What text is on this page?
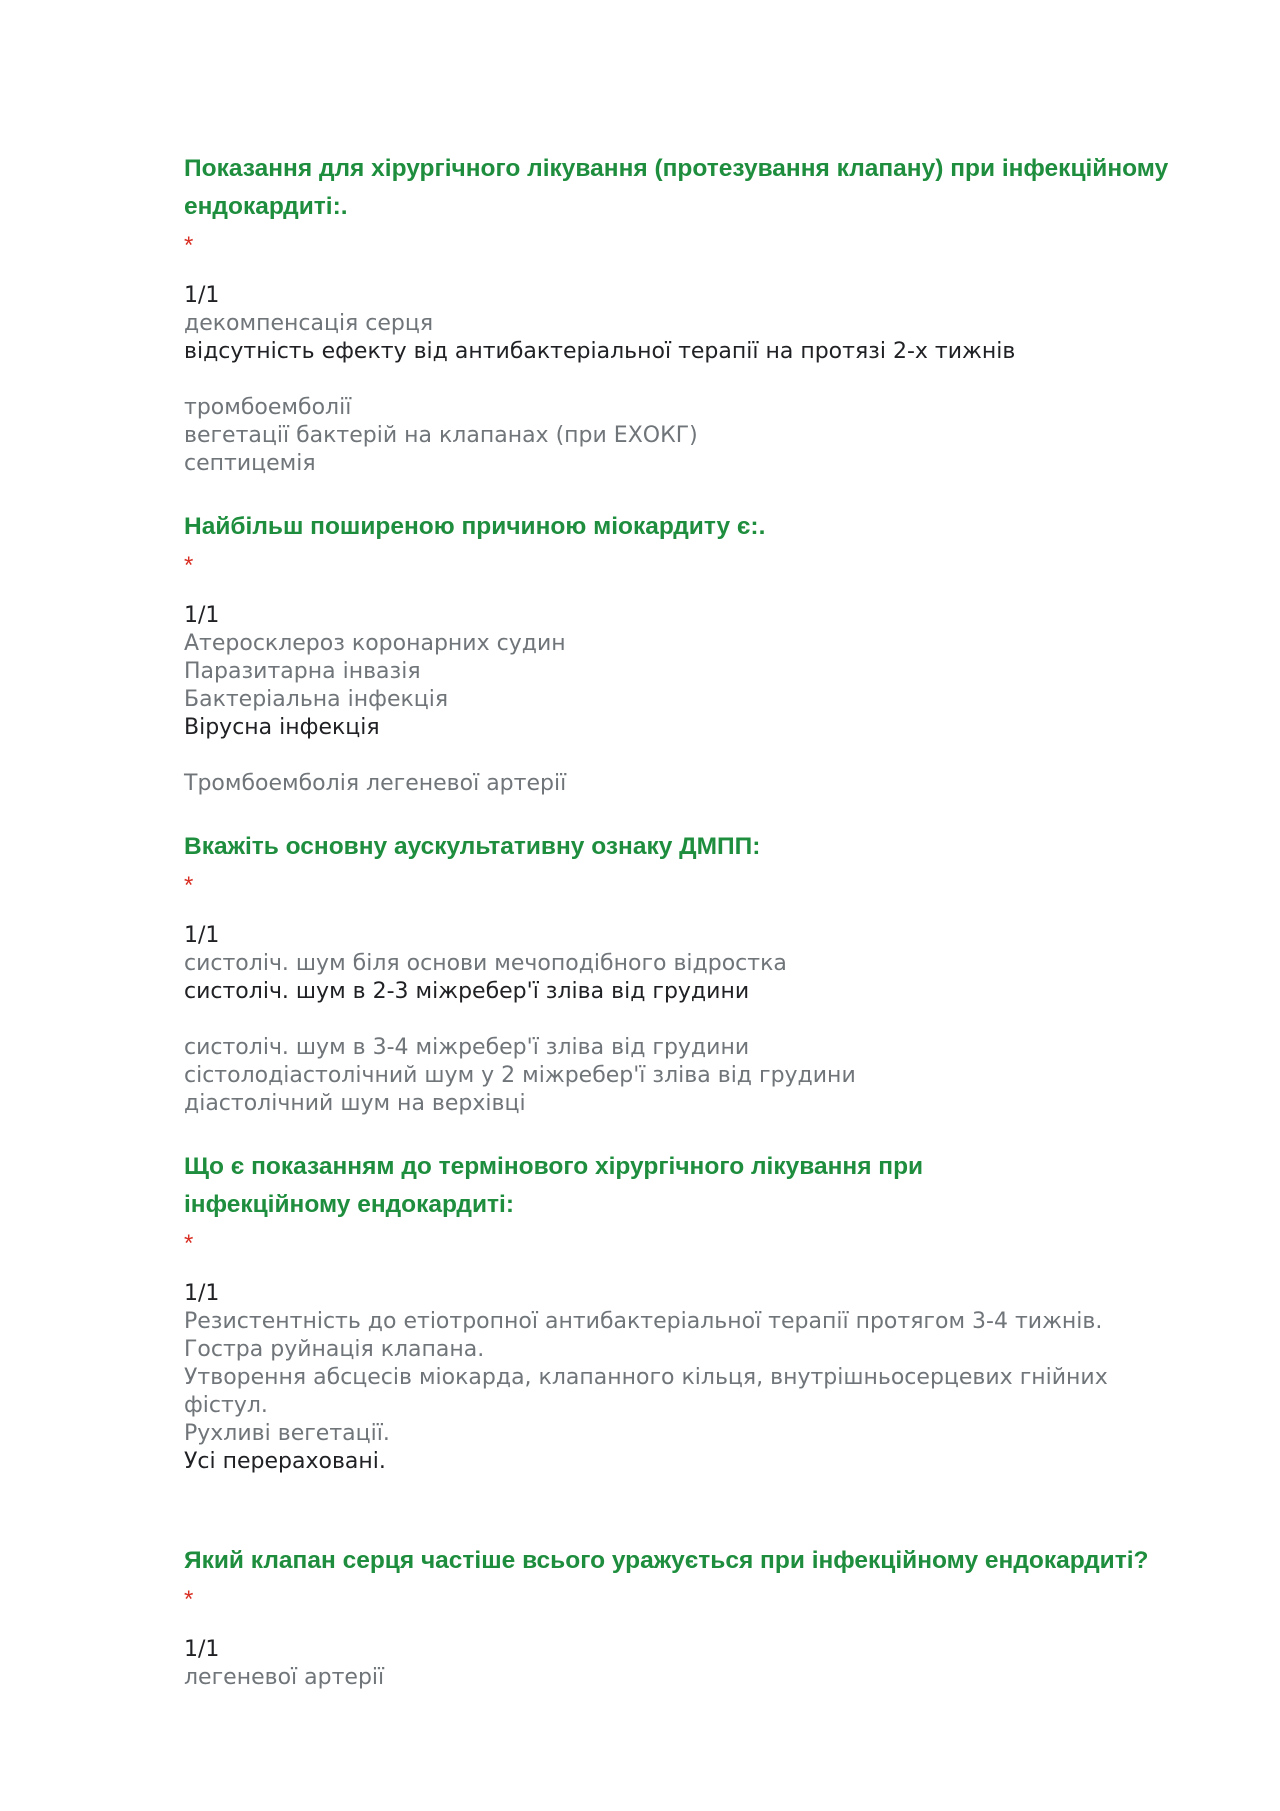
Показання для хірургічного лікування (протезування клапану) при інфекційному ендокардиті:.
*
1/1
декомпенсація серця
відсутність ефекту від антибактеріальної терапії на протязі 2-х тижнів
тромбоемболії
вегетації бактерій на клапанах (при ЕХОКГ)
септицемія
Найбільш поширеною причиною міокардиту є:.
*
1/1
Атеросклероз коронарних судин
Паразитарна інвазія
Бактеріальна інфекція
Вірусна інфекція
Тромбоемболія легеневої артерії
Вкажіть основну аускультативну ознаку ДМПП:
*
1/1
систоліч. шум біля основи мечоподібного відростка
систоліч. шум в 2-3 міжребер'ї зліва від грудини
систоліч. шум в 3-4 міжребер'ї зліва від грудини
сістолодіастолічний шум у 2 міжребер'ї зліва від грудини
діастолічний шум на верхівці
Що є показанням до термінового хірургічного лікування при інфекційному ендокардиті:
*
1/1
Резистентність до етіотропної антибактеріальної терапії протягом 3-4 тижнів.
Гостра руйнація клапана.
Утворення абсцесів міокарда, клапанного кільця, внутрішньосерцевих гнійних фістул.
Рухливі вегетації.
Усі перераховані.
Який клапан серця частіше всього уражується при інфекційному ендокардиті?
*
1/1
легеневої артерії
